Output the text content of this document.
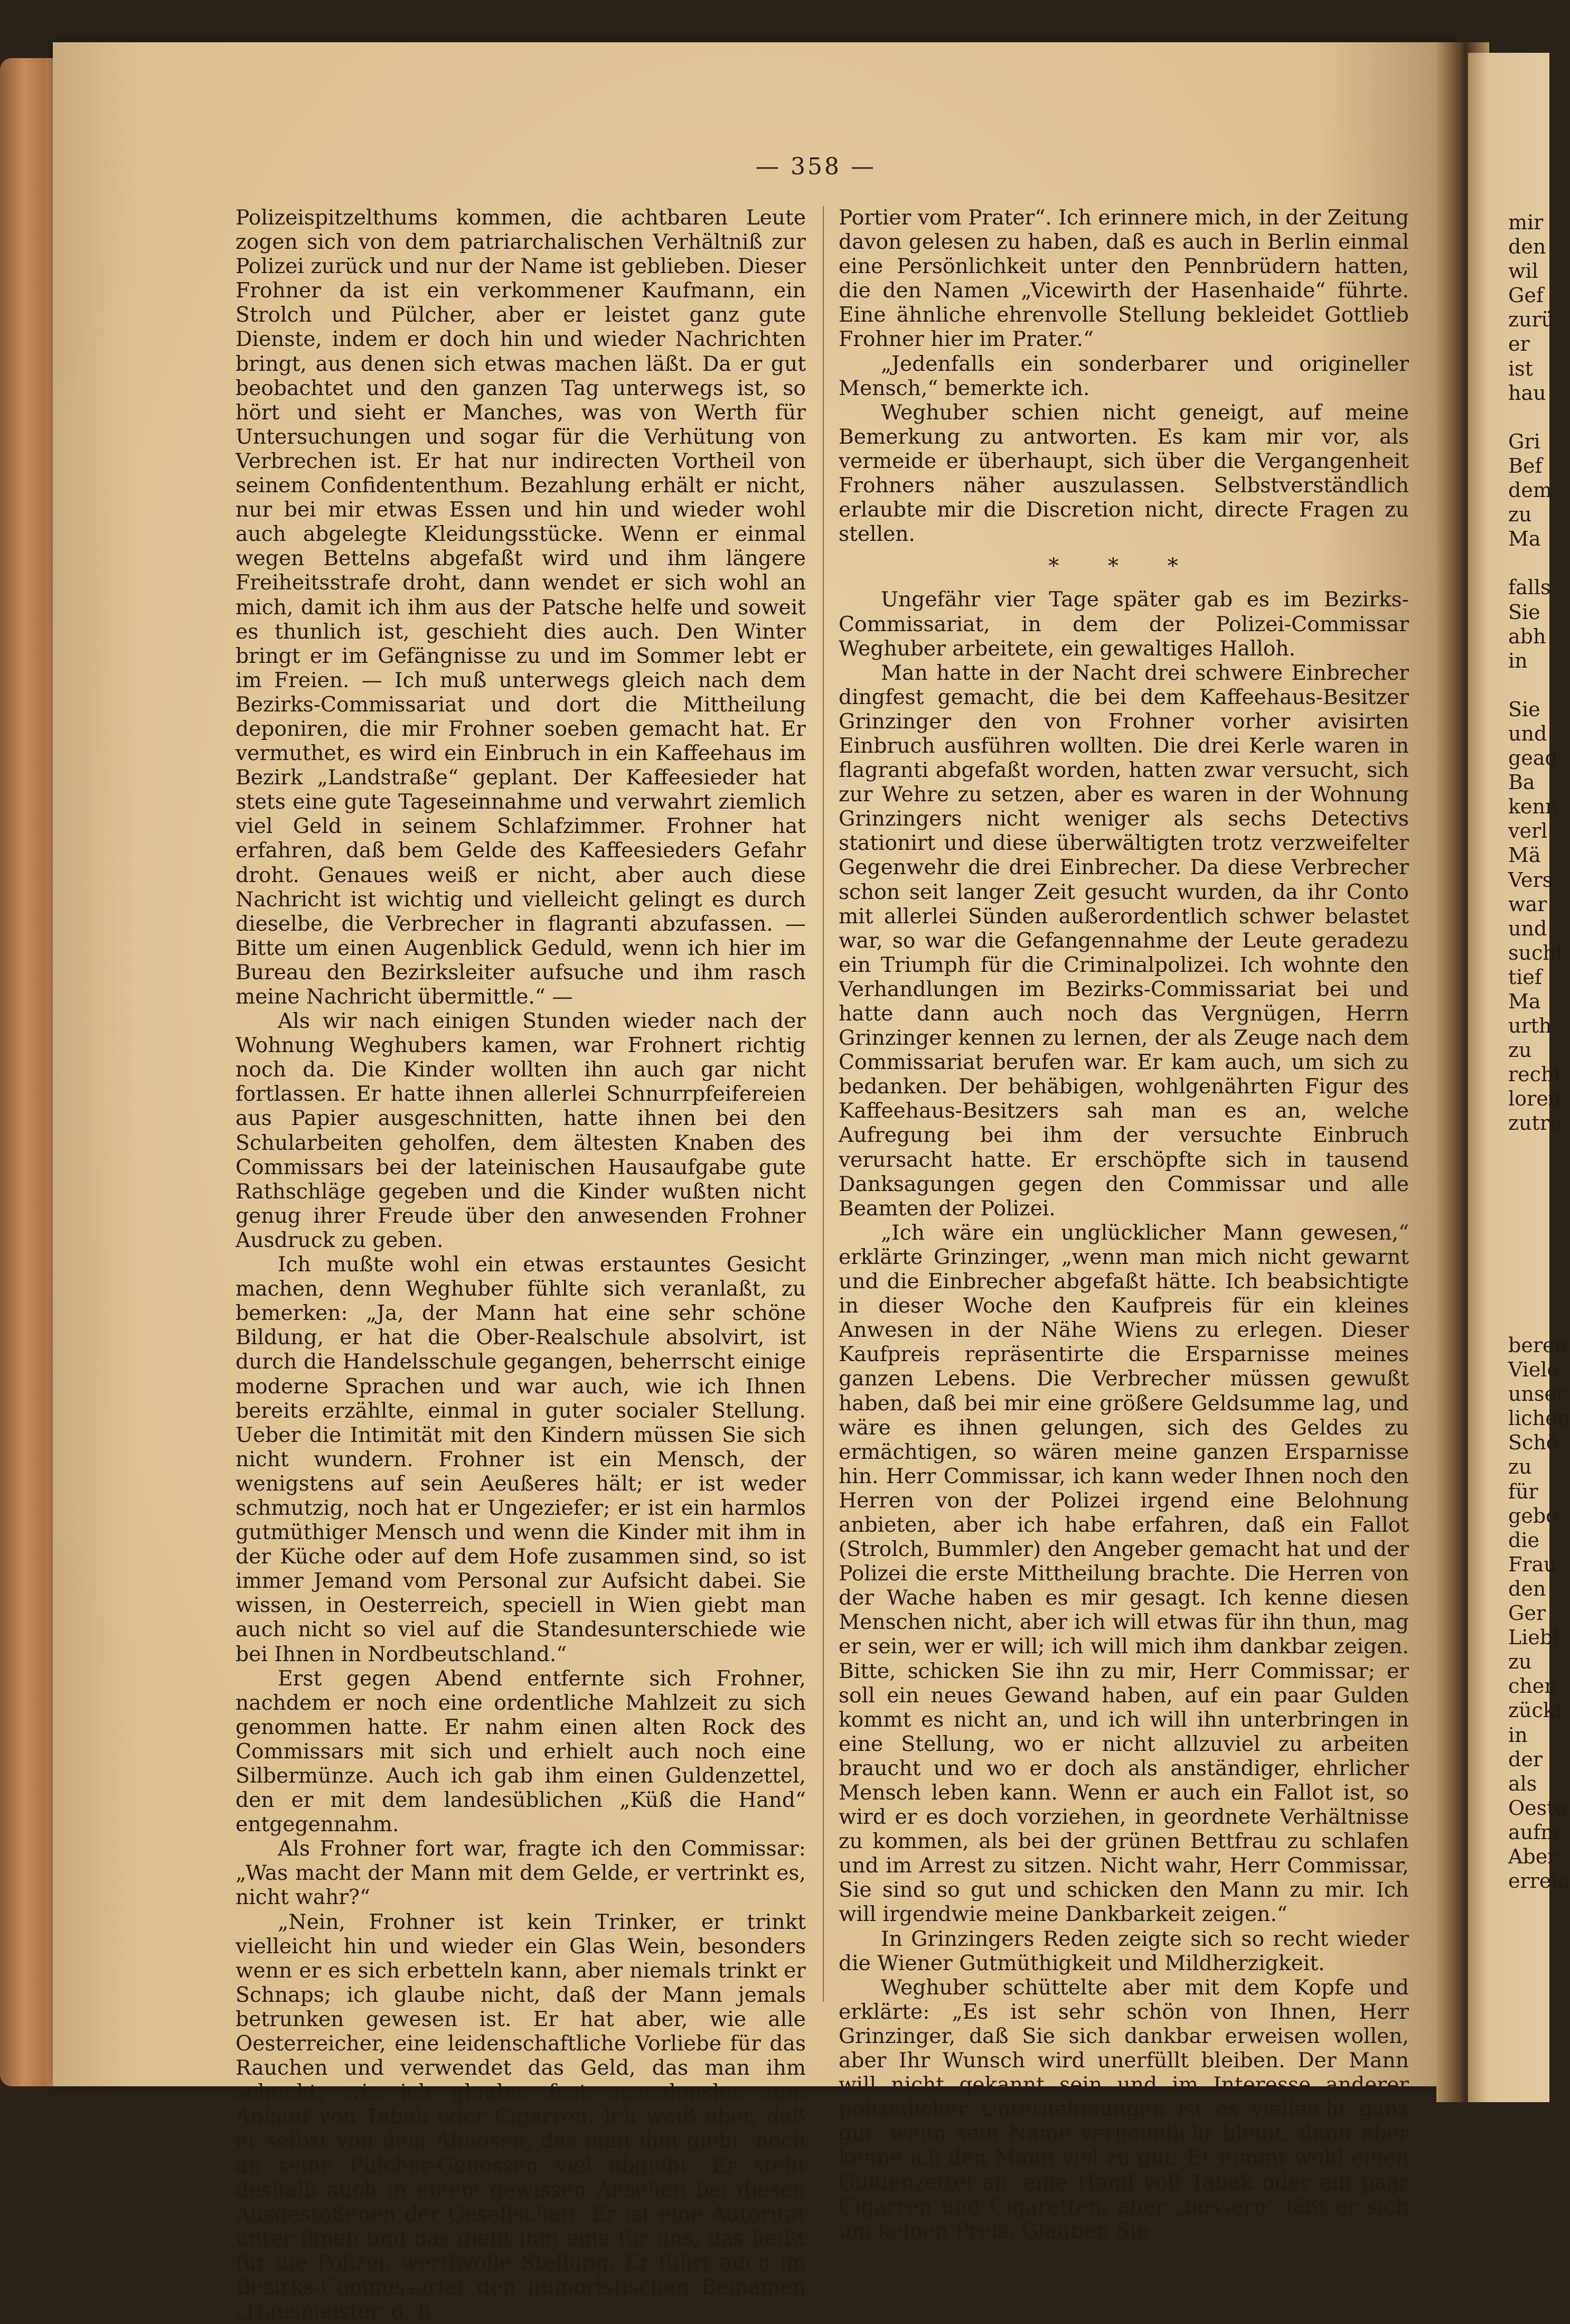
— 358 —

Polizeispitzelthums kommen, die achtbaren Leute zogen sich von dem patriarchalischen Verhältniß zur Polizei zurück und nur der Name ist geblieben. Dieser Frohner da ist ein verkommener Kaufmann, ein Strolch und Pülcher, aber er leistet ganz gute Dienste, indem er doch hin und wieder Nachrichten bringt, aus denen sich etwas machen läßt. Da er gut beobachtet und den ganzen Tag unterwegs ist, so hört und sieht er Manches, was von Werth für Untersuchungen und sogar für die Verhütung von Verbrechen ist. Er hat nur indirecten Vortheil von seinem Confidententhum. Bezahlung erhält er nicht, nur bei mir etwas Essen und hin und wieder wohl auch abgelegte Kleidungsstücke. Wenn er einmal wegen Bettelns abgefaßt wird und ihm längere Freiheitsstrafe droht, dann wendet er sich wohl an mich, damit ich ihm aus der Patsche helfe und soweit es thunlich ist, geschieht dies auch. Den Winter bringt er im Gefängnisse zu und im Sommer lebt er im Freien. — Ich muß unterwegs gleich nach dem Bezirks-Commissariat und dort die Mittheilung deponiren, die mir Frohner soeben gemacht hat. Er vermuthet, es wird ein Einbruch in ein Kaffeehaus im Bezirk „Landstraße“ geplant. Der Kaffeesieder hat stets eine gute Tageseinnahme und verwahrt ziemlich viel Geld in seinem Schlafzimmer. Frohner hat erfahren, daß bem Gelde des Kaffeesieders Gefahr droht. Genaues weiß er nicht, aber auch diese Nachricht ist wichtig und vielleicht gelingt es durch dieselbe, die Verbrecher in flagranti abzufassen. — Bitte um einen Augenblick Geduld, wenn ich hier im Bureau den Bezirksleiter aufsuche und ihm rasch meine Nachricht übermittle.“ —

Als wir nach einigen Stunden wieder nach der Wohnung Weghubers kamen, war Frohnert richtig noch da. Die Kinder wollten ihn auch gar nicht fortlassen. Er hatte ihnen allerlei Schnurrpfeifereien aus Papier ausgeschnitten, hatte ihnen bei den Schularbeiten geholfen, dem ältesten Knaben des Commissars bei der lateinischen Hausaufgabe gute Rathschläge gegeben und die Kinder wußten nicht genug ihrer Freude über den anwesenden Frohner Ausdruck zu geben.

Ich mußte wohl ein etwas erstauntes Gesicht machen, denn Weghuber fühlte sich veranlaßt, zu bemerken: „Ja, der Mann hat eine sehr schöne Bildung, er hat die Ober-Realschule absolvirt, ist durch die Handelsschule gegangen, beherrscht einige moderne Sprachen und war auch, wie ich Ihnen bereits erzählte, einmal in guter socialer Stellung. Ueber die Intimität mit den Kindern müssen Sie sich nicht wundern. Frohner ist ein Mensch, der wenigstens auf sein Aeußeres hält; er ist weder schmutzig, noch hat er Ungeziefer; er ist ein harmlos gutmüthiger Mensch und wenn die Kinder mit ihm in der Küche oder auf dem Hofe zusammen sind, so ist immer Jemand vom Personal zur Aufsicht dabei. Sie wissen, in Oesterreich, speciell in Wien giebt man auch nicht so viel auf die Standesunterschiede wie bei Ihnen in Nordbeutschland.“

Erst gegen Abend entfernte sich Frohner, nachdem er noch eine ordentliche Mahlzeit zu sich genommen hatte. Er nahm einen alten Rock des Commissars mit sich und erhielt auch noch eine Silbermünze. Auch ich gab ihm einen Guldenzettel, den er mit dem landesüblichen „Küß die Hand“ entgegennahm.

Als Frohner fort war, fragte ich den Commissar: „Was macht der Mann mit dem Gelde, er vertrinkt es, nicht wahr?“

„Nein, Frohner ist kein Trinker, er trinkt vielleicht hin und wieder ein Glas Wein, besonders wenn er es sich erbetteln kann, aber niemals trinkt er Schnaps; ich glaube nicht, daß der Mann jemals betrunken gewesen ist. Er hat aber, wie alle Oesterreicher, eine leidenschaftliche Vorliebe für das Rauchen und verwendet das Geld, das man ihm schenkt, wie ich glaube, fast ausnahmslos zum Ankauf von Tabak oder Cigarren. Ich weiß aber, daß er selbst von dem Almosen, das man ihm giebt, noch an seine Pülcher-Genossen viel abgiebt. Er steht deshalb auch in einem gewissen Ansehen bei diesen Ausgestoßenen der Gesellschaft. Er ist eine Autorität unter ihnen und das giebt ihm eine für uns, das heißt für die Polizei, werthvolle Stellung. Er führt auch im Bezirks-Commissariat den humoristischen Beinamen „Hausmeister, d. h.

Portier vom Prater“. Ich erinnere mich, in der Zeitung davon gelesen zu haben, daß es auch in Berlin einmal eine Persönlichkeit unter den Pennbrüdern hatten, die den Namen „Vicewirth der Hasenhaide“ führte. Eine ähnliche ehrenvolle Stellung bekleidet Gottlieb Frohner hier im Prater.“

„Jedenfalls ein sonderbarer und origineller Mensch,“ bemerkte ich.

Weghuber schien nicht geneigt, auf meine Bemerkung zu antworten. Es kam mir vor, als vermeide er überhaupt, sich über die Vergangenheit Frohners näher auszulassen. Selbstverständlich erlaubte mir die Discretion nicht, directe Fragen zu stellen.

* * *

Ungefähr vier Tage später gab es im Bezirks-Commissariat, in dem der Polizei-Commissar Weghuber arbeitete, ein gewaltiges Halloh.

Man hatte in der Nacht drei schwere Einbrecher dingfest gemacht, die bei dem Kaffeehaus-Besitzer Grinzinger den von Frohner vorher avisirten Einbruch ausführen wollten. Die drei Kerle waren in flagranti abgefaßt worden, hatten zwar versucht, sich zur Wehre zu setzen, aber es waren in der Wohnung Grinzingers nicht weniger als sechs Detectivs stationirt und diese überwältigten trotz verzweifelter Gegenwehr die drei Einbrecher. Da diese Verbrecher schon seit langer Zeit gesucht wurden, da ihr Conto mit allerlei Sünden außerordentlich schwer belastet war, so war die Gefangennahme der Leute geradezu ein Triumph für die Criminalpolizei. Ich wohnte den Verhandlungen im Bezirks-Commissariat bei und hatte dann auch noch das Vergnügen, Herrn Grinzinger kennen zu lernen, der als Zeuge nach dem Commissariat berufen war. Er kam auch, um sich zu bedanken. Der behäbigen, wohlgenährten Figur des Kaffeehaus-Besitzers sah man es an, welche Aufregung bei ihm der versuchte Einbruch verursacht hatte. Er erschöpfte sich in tausend Danksagungen gegen den Commissar und alle Beamten der Polizei.

„Ich wäre ein unglücklicher Mann gewesen,“ erklärte Grinzinger, „wenn man mich nicht gewarnt und die Einbrecher abgefaßt hätte. Ich beabsichtigte in dieser Woche den Kaufpreis für ein kleines Anwesen in der Nähe Wiens zu erlegen. Dieser Kaufpreis repräsentirte die Ersparnisse meines ganzen Lebens. Die Verbrecher müssen gewußt haben, daß bei mir eine größere Geldsumme lag, und wäre es ihnen gelungen, sich des Geldes zu ermächtigen, so wären meine ganzen Ersparnisse hin. Herr Commissar, ich kann weder Ihnen noch den Herren von der Polizei irgend eine Belohnung anbieten, aber ich habe erfahren, daß ein Fallot (Strolch, Bummler) den Angeber gemacht hat und der Polizei die erste Mittheilung brachte. Die Herren von der Wache haben es mir gesagt. Ich kenne diesen Menschen nicht, aber ich will etwas für ihn thun, mag er sein, wer er will; ich will mich ihm dankbar zeigen. Bitte, schicken Sie ihn zu mir, Herr Commissar; er soll ein neues Gewand haben, auf ein paar Gulden kommt es nicht an, und ich will ihn unterbringen in eine Stellung, wo er nicht allzuviel zu arbeiten braucht und wo er doch als anständiger, ehrlicher Mensch leben kann. Wenn er auch ein Fallot ist, so wird er es doch vorziehen, in geordnete Verhältnisse zu kommen, als bei der grünen Bettfrau zu schlafen und im Arrest zu sitzen. Nicht wahr, Herr Commissar, Sie sind so gut und schicken den Mann zu mir. Ich will irgendwie meine Dankbarkeit zeigen.“

In Grinzingers Reden zeigte sich so recht wieder die Wiener Gutmüthigkeit und Mildherzigkeit.

Weghuber schüttelte aber mit dem Kopfe und erklärte: „Es ist sehr schön von Ihnen, Herr Grinzinger, daß Sie sich dankbar erweisen wollen, aber Ihr Wunsch wird unerfüllt bleiben. Der Mann will nicht gekannt sein und im Interesse anderer polizeilicher Unternehmungen ist es vielleicht ganz gut, wenn sein Name verheimlicht bleibt; dann aber kenne ich den Mann viel zu gut: Er nimmt wohl einen Guldenzettel an, eine Hand voll Tabak oder ein paar Cigarren und Cigaretten, aber „bessern“ läßt er sich um keinen Preis. Glauben Sie

mir
den
wil
Gef
zurü
er
ist
hau

Gri
Bef
dem
zu
Ma

falls
Sie
abh
in

Sie
und
gead
Ba
kenn
verl
Mä
Vers
war
und
sucht
tief
Ma
urth
zu
recht
loren
zutre
beren
Viele
unser
lichen
Schö
zu
für
gebo
die
Frau
den
Ger
Liebl
zu
chen
zückt
in
der
als
Oeste
aufm
Aber
erreic
